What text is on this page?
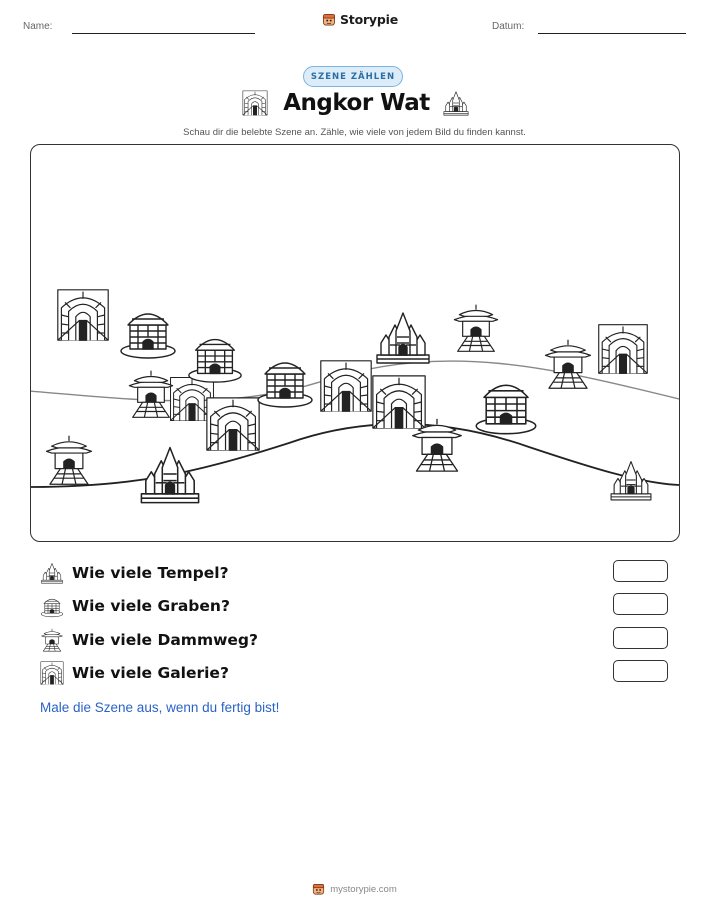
Name:	Storypie	Datum:
SZENE ZÄHLEN
Angkor Wat
Schau dir die belebte Szene an. Zähle, wie viele von jedem Bild du finden kannst.
Wie viele Tempel?
Wie viele Graben?
Wie viele Dammweg?
Wie viele Galerie?
Male die Szene aus, wenn du fertig bist!
mystorypie.com
